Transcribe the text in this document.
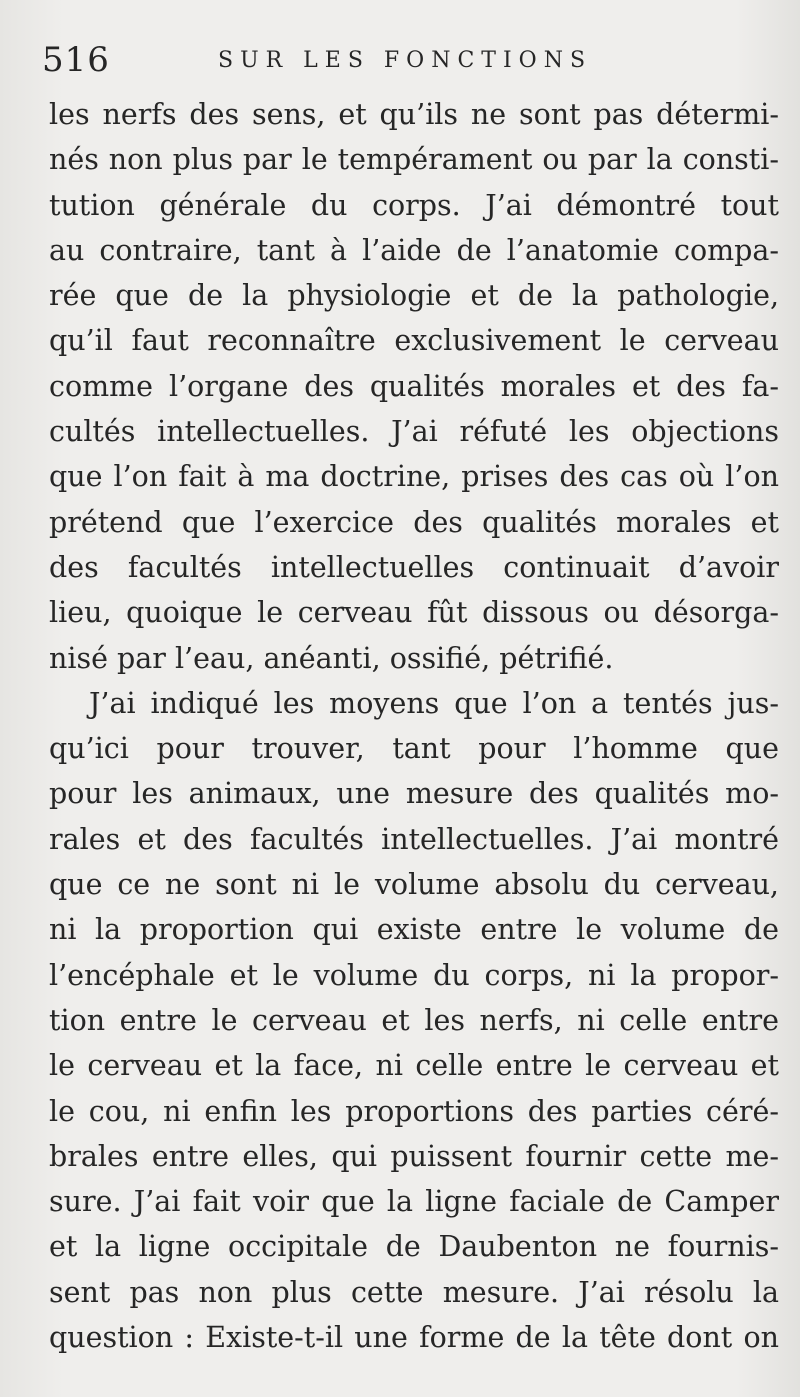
516	SUR LES FONCTIONS
les nerfs des sens, et qu’ils ne sont pas détermi-
nés non plus par le tempérament ou par la consti-
tution générale du corps. J’ai démontré tout
au contraire, tant à l’aide de l’anatomie compa-
rée que de la physiologie et de la pathologie,
qu’il faut reconnaître exclusivement le cerveau
comme l’organe des qualités morales et des fa-
cultés intellectuelles. J’ai réfuté les objections
que l’on fait à ma doctrine, prises des cas où l’on
prétend que l’exercice des qualités morales et
des facultés intellectuelles continuait d’avoir
lieu, quoique le cerveau fût dissous ou désorga-
nisé par l’eau, anéanti, ossifié, pétrifié.
J’ai indiqué les moyens que l’on a tentés jus-
qu’ici pour trouver, tant pour l’homme que
pour les animaux, une mesure des qualités mo-
rales et des facultés intellectuelles. J’ai montré
que ce ne sont ni le volume absolu du cerveau,
ni la proportion qui existe entre le volume de
l’encéphale et le volume du corps, ni la propor-
tion entre le cerveau et les nerfs, ni celle entre
le cerveau et la face, ni celle entre le cerveau et
le cou, ni enfin les proportions des parties céré-
brales entre elles, qui puissent fournir cette me-
sure. J’ai fait voir que la ligne faciale de Camper
et la ligne occipitale de Daubenton ne fournis-
sent pas non plus cette mesure. J’ai résolu la
question : Existe-t-il une forme de la tête dont on
